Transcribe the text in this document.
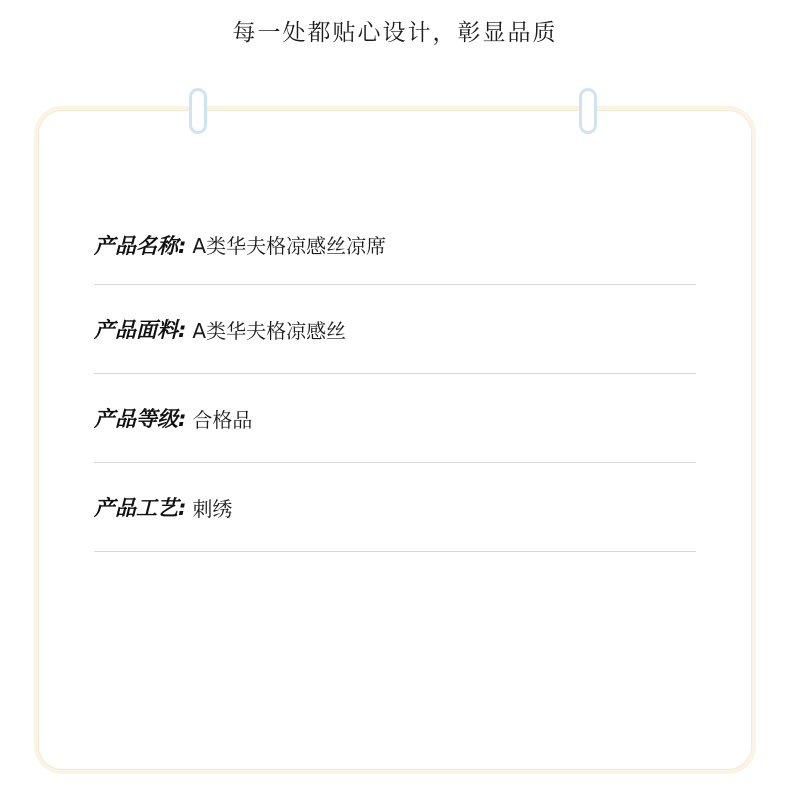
每一处都贴心设计，彰显品质
产品名称: A类华夫格凉感丝凉席
产品面料: A类华夫格凉感丝
产品等级: 合格品
产品工艺: 刺绣
